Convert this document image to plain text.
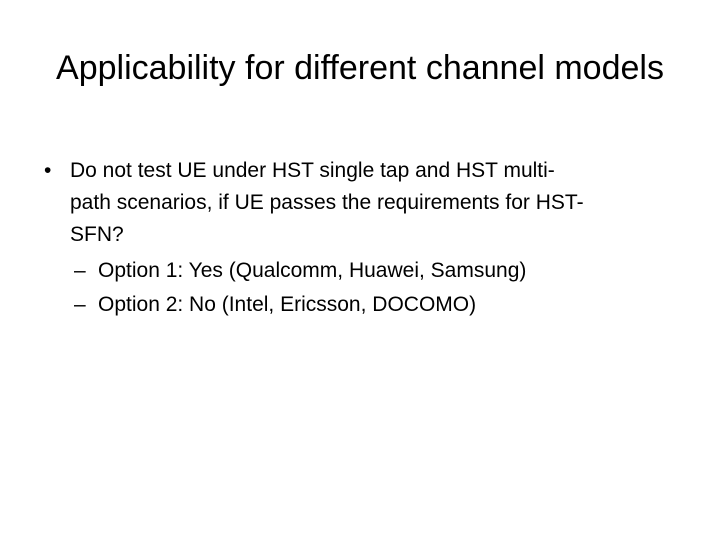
Applicability for different channel models
• Do not test UE under HST single tap and HST multi-
path scenarios, if UE passes the requirements for HST-
SFN?
– Option 1: Yes (Qualcomm, Huawei, Samsung)
– Option 2: No (Intel, Ericsson, DOCOMO)
